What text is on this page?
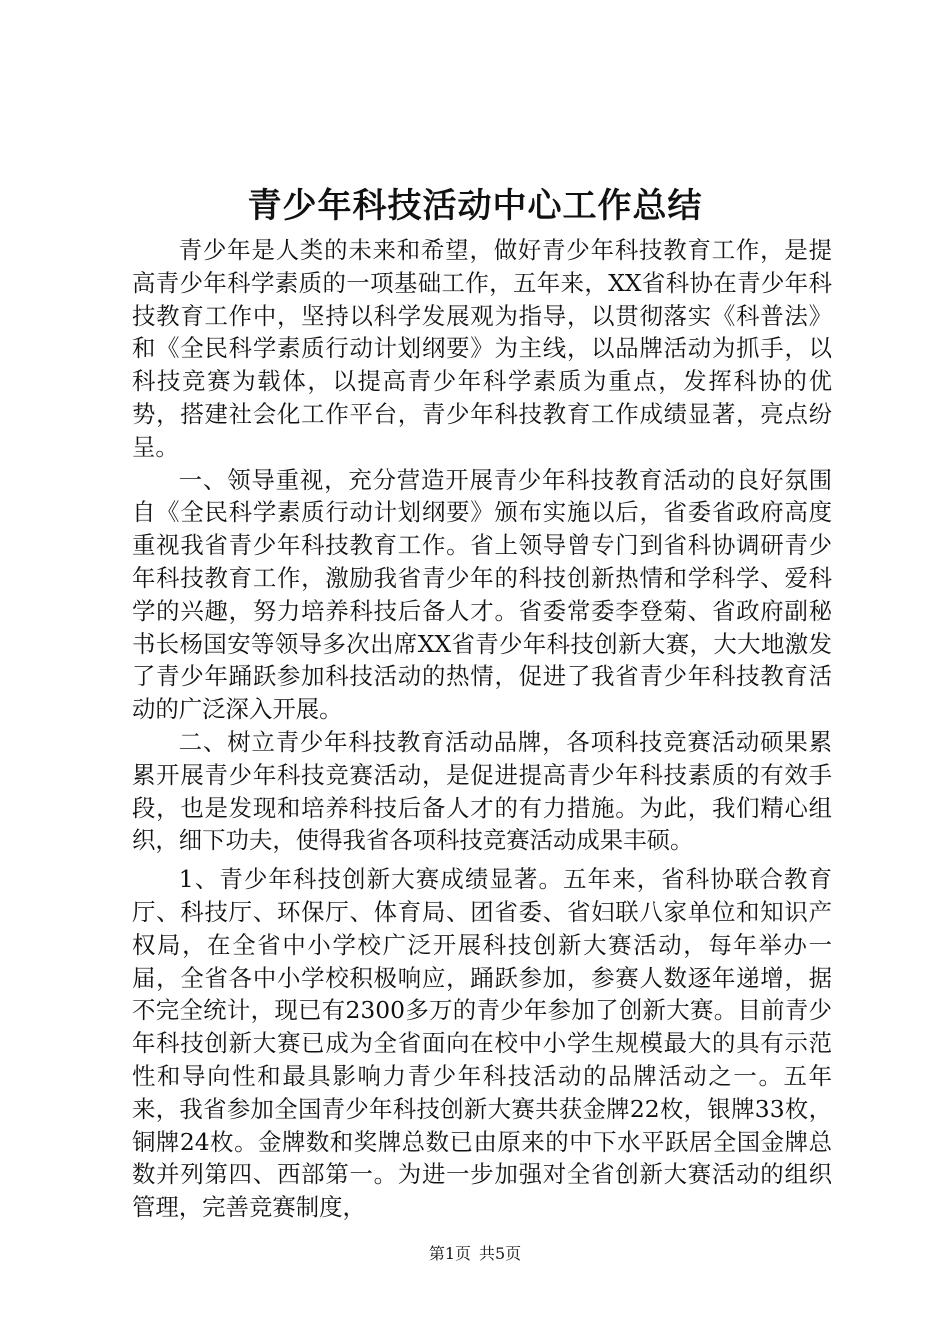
青少年科技活动中心工作总结

青少年是人类的未来和希望，做好青少年科技教育工作，是提高青少年科学素质的一项基础工作，五年来，XX省科协在青少年科技教育工作中，坚持以科学发展观为指导，以贯彻落实《科普法》和《全民科学素质行动计划纲要》为主线，以品牌活动为抓手，以科技竞赛为载体，以提高青少年科学素质为重点，发挥科协的优势，搭建社会化工作平台，青少年科技教育工作成绩显著，亮点纷呈。

一、领导重视，充分营造开展青少年科技教育活动的良好氛围自《全民科学素质行动计划纲要》颁布实施以后，省委省政府高度重视我省青少年科技教育工作。省上领导曾专门到省科协调研青少年科技教育工作，激励我省青少年的科技创新热情和学科学、爱科学的兴趣，努力培养科技后备人才。省委常委李登菊、省政府副秘书长杨国安等领导多次出席XX省青少年科技创新大赛，大大地激发了青少年踊跃参加科技活动的热情，促进了我省青少年科技教育活动的广泛深入开展。

二、树立青少年科技教育活动品牌，各项科技竞赛活动硕果累累开展青少年科技竞赛活动，是促进提高青少年科技素质的有效手段，也是发现和培养科技后备人才的有力措施。为此，我们精心组织，细下功夫，使得我省各项科技竞赛活动成果丰硕。

1、青少年科技创新大赛成绩显著。五年来，省科协联合教育厅、科技厅、环保厅、体育局、团省委、省妇联八家单位和知识产权局，在全省中小学校广泛开展科技创新大赛活动，每年举办一届，全省各中小学校积极响应，踊跃参加，参赛人数逐年递增，据不完全统计，现已有2300多万的青少年参加了创新大赛。目前青少年科技创新大赛已成为全省面向在校中小学生规模最大的具有示范性和导向性和最具影响力青少年科技活动的品牌活动之一。五年来，我省参加全国青少年科技创新大赛共获金牌22枚，银牌33枚，铜牌24枚。金牌数和奖牌总数已由原来的中下水平跃居全国金牌总数并列第四、西部第一。为进一步加强对全省创新大赛活动的组织管理，完善竞赛制度，

第1页 共5页
